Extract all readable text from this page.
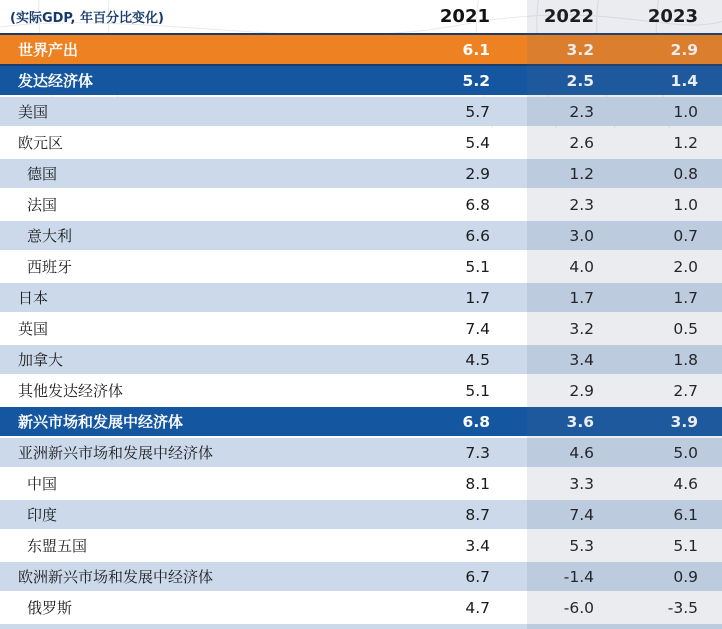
(实际GDP, 年百分比变化)	2021	2022	2023
世界产出	6.1	3.2	2.9
发达经济体	5.2	2.5	1.4
美国	5.7	2.3	1.0
欧元区	5.4	2.6	1.2
德国	2.9	1.2	0.8
法国	6.8	2.3	1.0
意大利	6.6	3.0	0.7
西班牙	5.1	4.0	2.0
日本	1.7	1.7	1.7
英国	7.4	3.2	0.5
加拿大	4.5	3.4	1.8
其他发达经济体	5.1	2.9	2.7
新兴市场和发展中经济体	6.8	3.6	3.9
亚洲新兴市场和发展中经济体	7.3	4.6	5.0
中国	8.1	3.3	4.6
印度	8.7	7.4	6.1
东盟五国	3.4	5.3	5.1
欧洲新兴市场和发展中经济体	6.7	-1.4	0.9
俄罗斯	4.7	-6.0	-3.5
